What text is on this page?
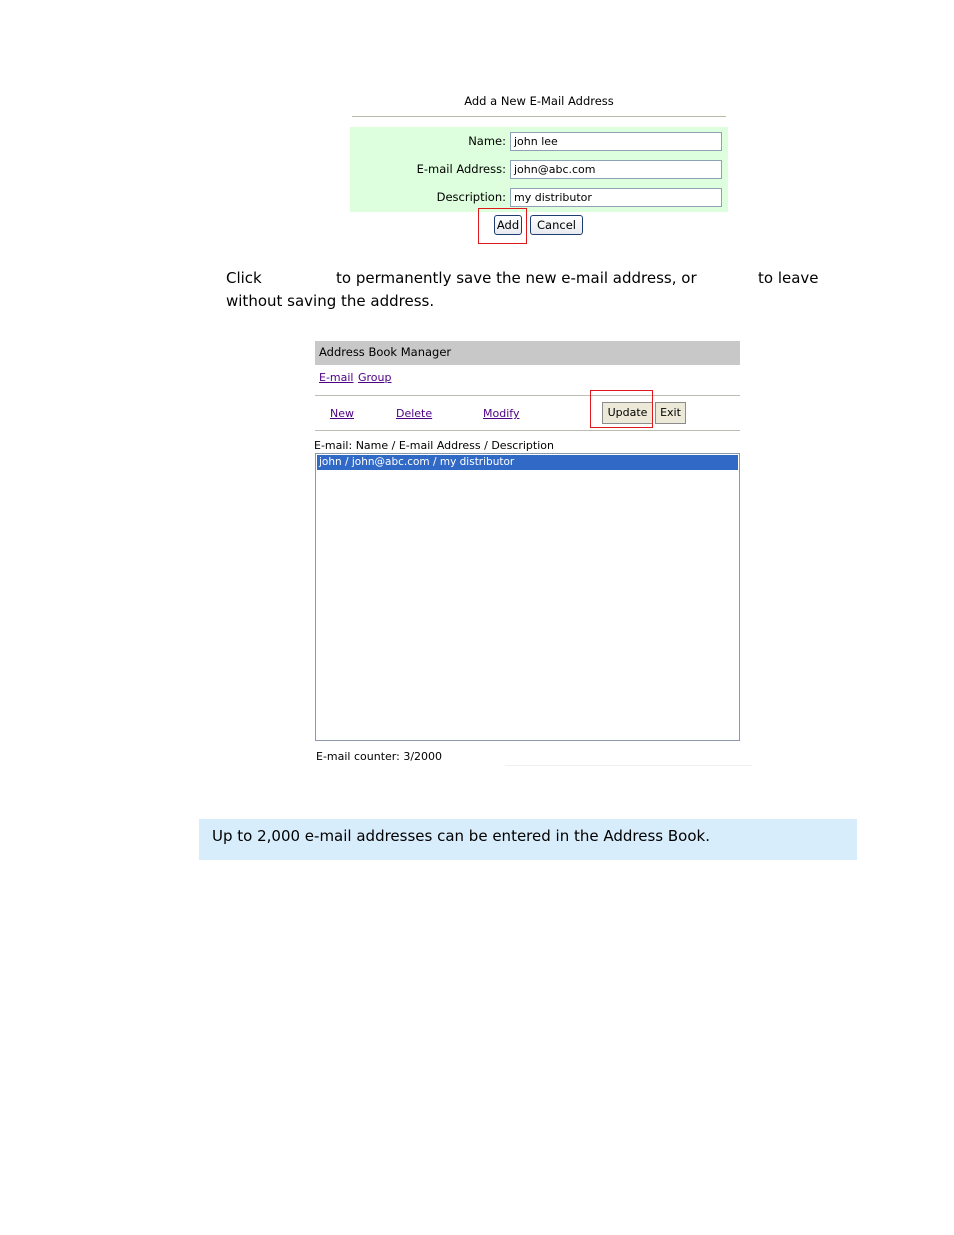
Add a New E-Mail Address
Name: john lee
E-mail Address: john@abc.com
Description: my distributor
Add	Cancel
Click	to permanently save the new e-mail address, or	to leave
without saving the address.
Address Book Manager
E-mail Group
New	Delete	Modify	Update	Exit
E-mail: Name / E-mail Address / Description
john / john@abc.com / my distributor
E-mail counter: 3/2000
Up to 2,000 e-mail addresses can be entered in the Address Book.
